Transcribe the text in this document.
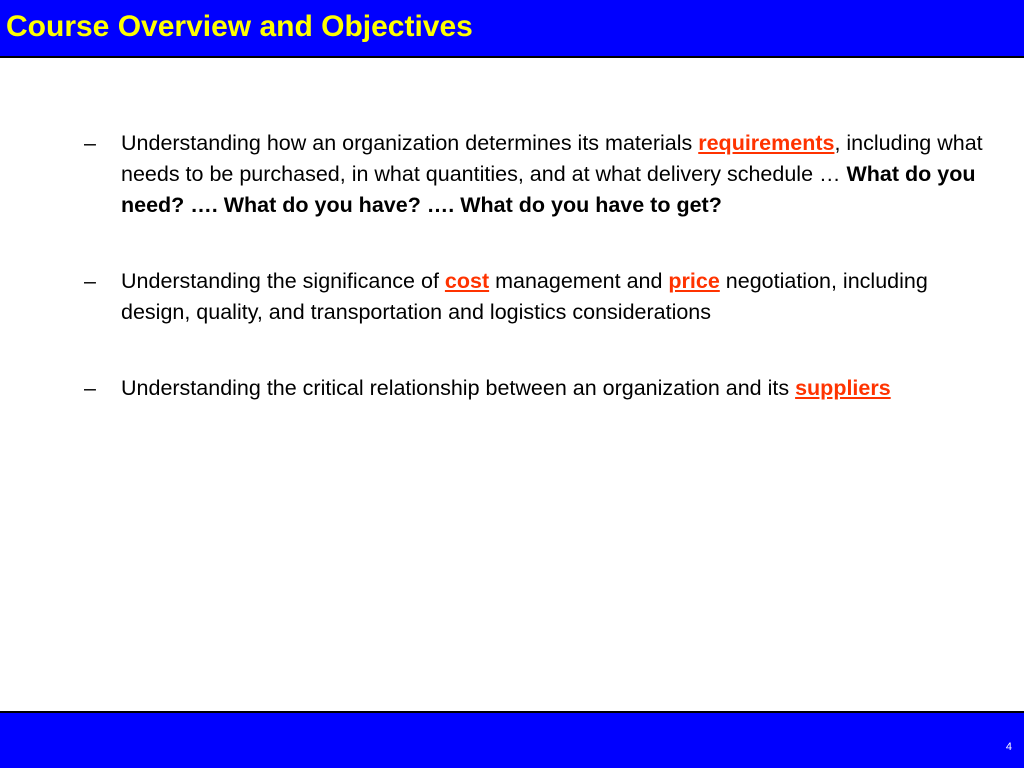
Course Overview and Objectives
– Understanding how an organization determines its materials requirements, including what needs to be purchased, in what quantities, and at what delivery schedule … What do you need? …. What do you have? …. What do you have to get?
– Understanding the significance of cost management and price negotiation, including design, quality, and transportation and logistics considerations
– Understanding the critical relationship between an organization and its suppliers
4
